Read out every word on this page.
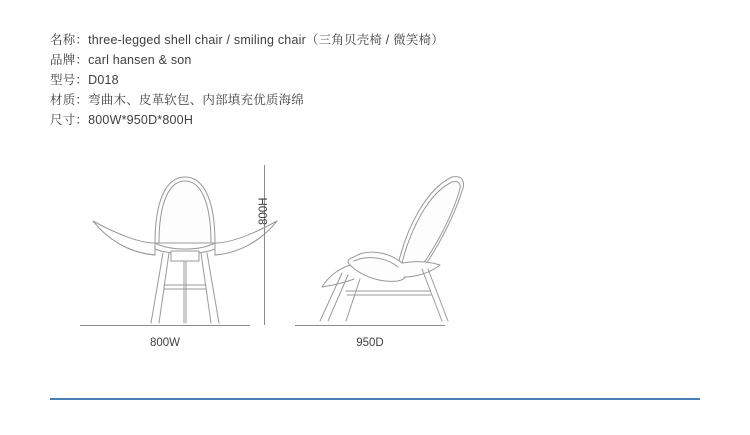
名称：three-legged shell chair / smiling chair（三角贝壳椅 / 微笑椅）
品牌：carl hansen & son
型号：D018
材质：弯曲木、皮革软包、内部填充优质海绵
尺寸：800W*950D*800H
800W
800H
950D
